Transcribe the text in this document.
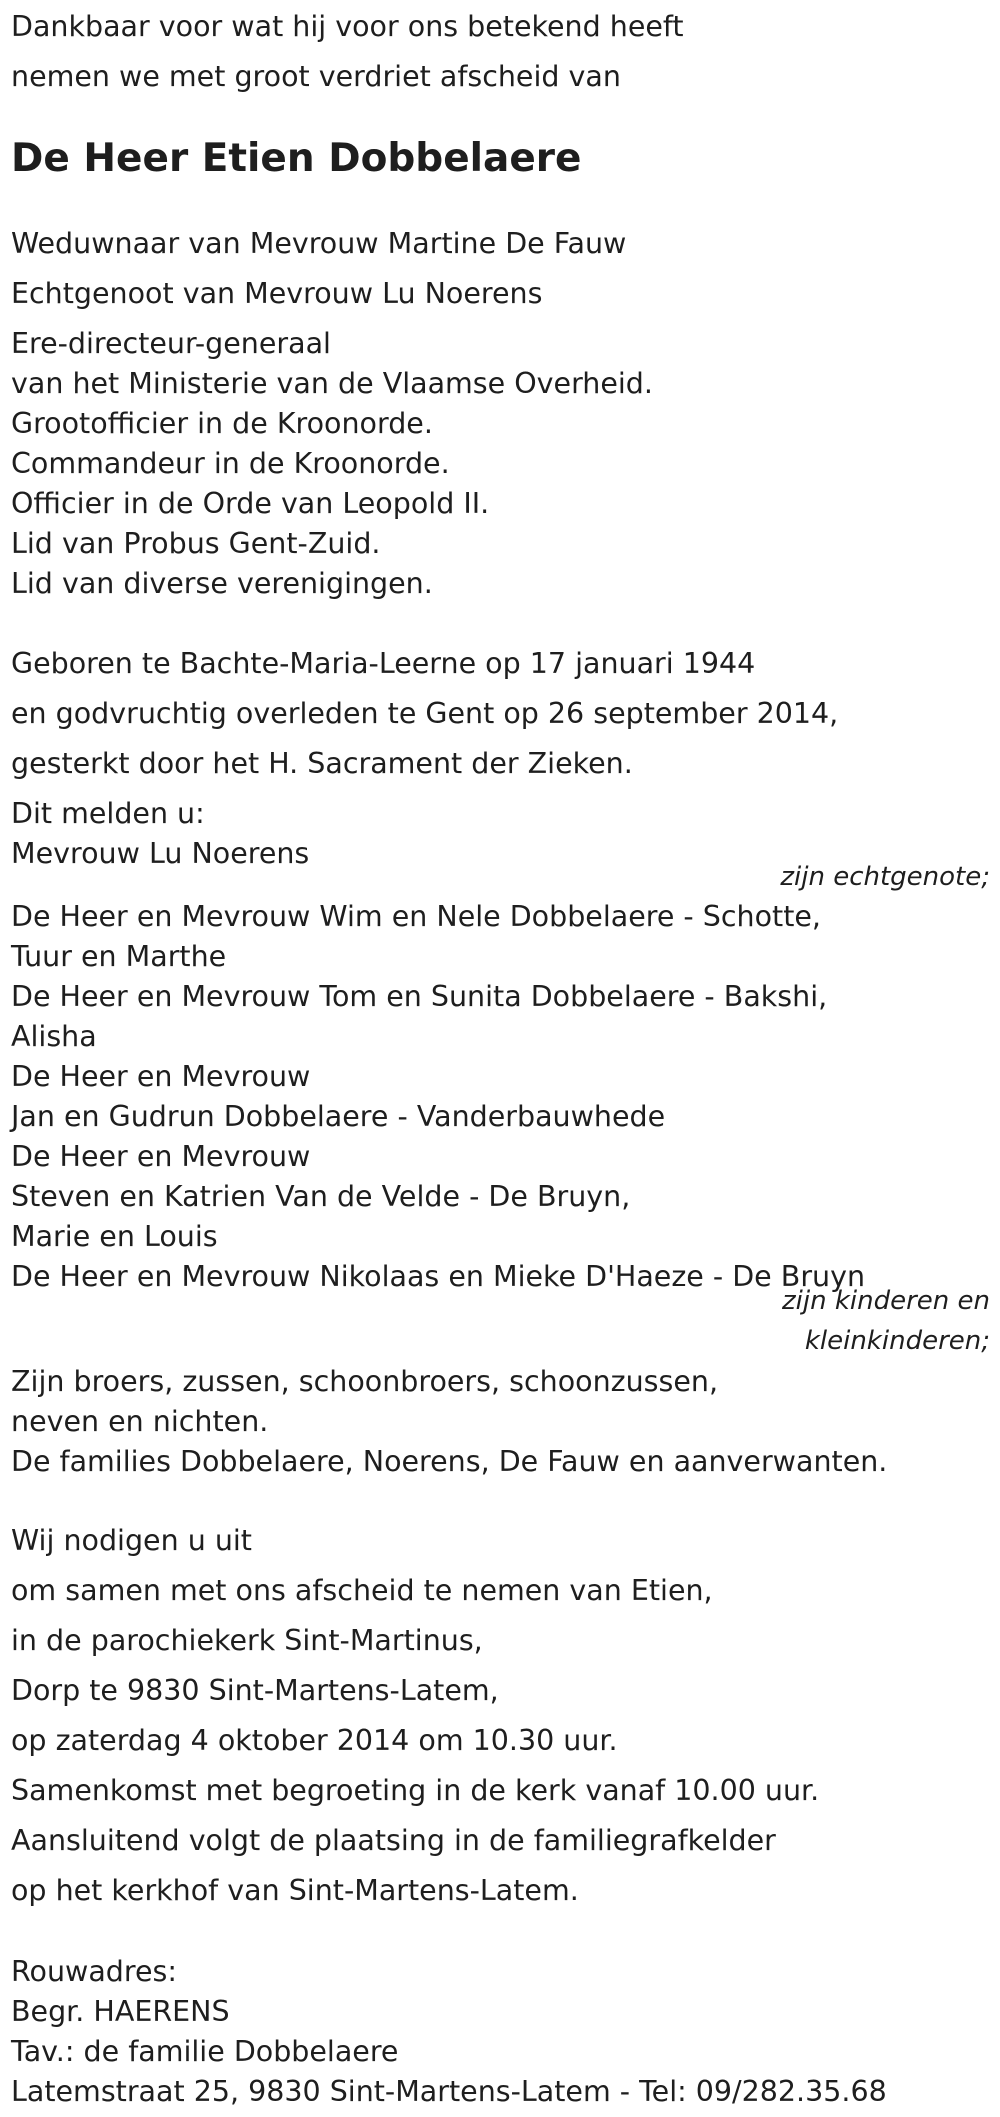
Dankbaar voor wat hij voor ons betekend heeft
nemen we met groot verdriet afscheid van
De Heer Etien Dobbelaere
Weduwnaar van Mevrouw Martine De Fauw
Echtgenoot van Mevrouw Lu Noerens
Ere-directeur-generaal
van het Ministerie van de Vlaamse Overheid.
Grootofficier in de Kroonorde.
Commandeur in de Kroonorde.
Officier in de Orde van Leopold II.
Lid van Probus Gent-Zuid.
Lid van diverse verenigingen.
Geboren te Bachte-Maria-Leerne op 17 januari 1944
en godvruchtig overleden te Gent op 26 september 2014,
gesterkt door het H. Sacrament der Zieken.
Dit melden u:
Mevrouw Lu Noerens
zijn echtgenote;
De Heer en Mevrouw Wim en Nele Dobbelaere - Schotte,
Tuur en Marthe
De Heer en Mevrouw Tom en Sunita Dobbelaere - Bakshi,
Alisha
De Heer en Mevrouw
Jan en Gudrun Dobbelaere - Vanderbauwhede
De Heer en Mevrouw
Steven en Katrien Van de Velde - De Bruyn,
Marie en Louis
De Heer en Mevrouw Nikolaas en Mieke D'Haeze - De Bruyn
zijn kinderen en
kleinkinderen;
Zijn broers, zussen, schoonbroers, schoonzussen,
neven en nichten.
De families Dobbelaere, Noerens, De Fauw en aanverwanten.
Wij nodigen u uit
om samen met ons afscheid te nemen van Etien,
in de parochiekerk Sint-Martinus,
Dorp te 9830 Sint-Martens-Latem,
op zaterdag 4 oktober 2014 om 10.30 uur.
Samenkomst met begroeting in de kerk vanaf 10.00 uur.
Aansluitend volgt de plaatsing in de familiegrafkelder
op het kerkhof van Sint-Martens-Latem.
Rouwadres:
Begr. HAERENS
Tav.: de familie Dobbelaere
Latemstraat 25, 9830 Sint-Martens-Latem - Tel: 09/282.35.68
